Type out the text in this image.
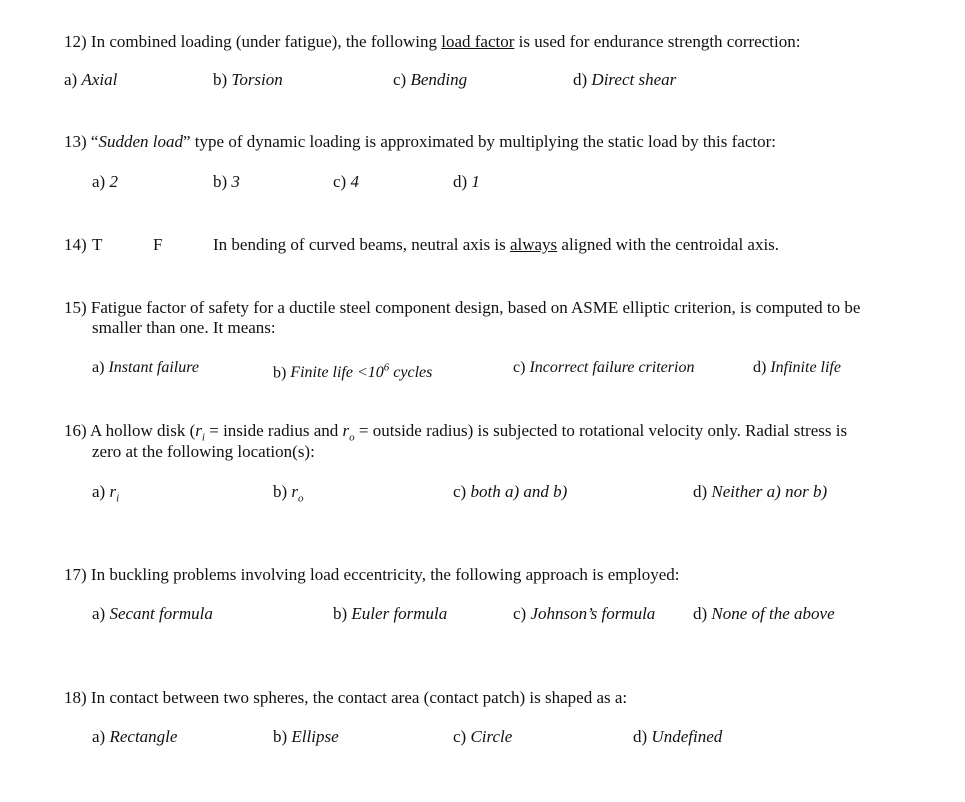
12) In combined loading (under fatigue), the following load factor is used for endurance strength correction:
a) Axial	b) Torsion	c) Bending	d) Direct shear
13) “Sudden load” type of dynamic loading is approximated by multiplying the static load by this factor:
a) 2	b) 3	c) 4	d) 1
14) T	F	In bending of curved beams, neutral axis is always aligned with the centroidal axis.
15) Fatigue factor of safety for a ductile steel component design, based on ASME elliptic criterion, is computed to be
smaller than one. It means:
a) Instant failure	b) Finite life $<10^6$ cycles	c) Incorrect failure criterion	d) Infinite life
16) A hollow disk ($r_i$ = inside radius and $r_o$ = outside radius) is subjected to rotational velocity only. Radial stress is
zero at the following location(s):
a) $r_i$	b) $r_o$	c) both a) and b)	d) Neither a) nor b)
17) In buckling problems involving load eccentricity, the following approach is employed:
a) Secant formula	b) Euler formula	c) Johnson’s formula d) None of the above
18) In contact between two spheres, the contact area (contact patch) is shaped as a:
a) Rectangle	b) Ellipse	c) Circle	d) Undefined
